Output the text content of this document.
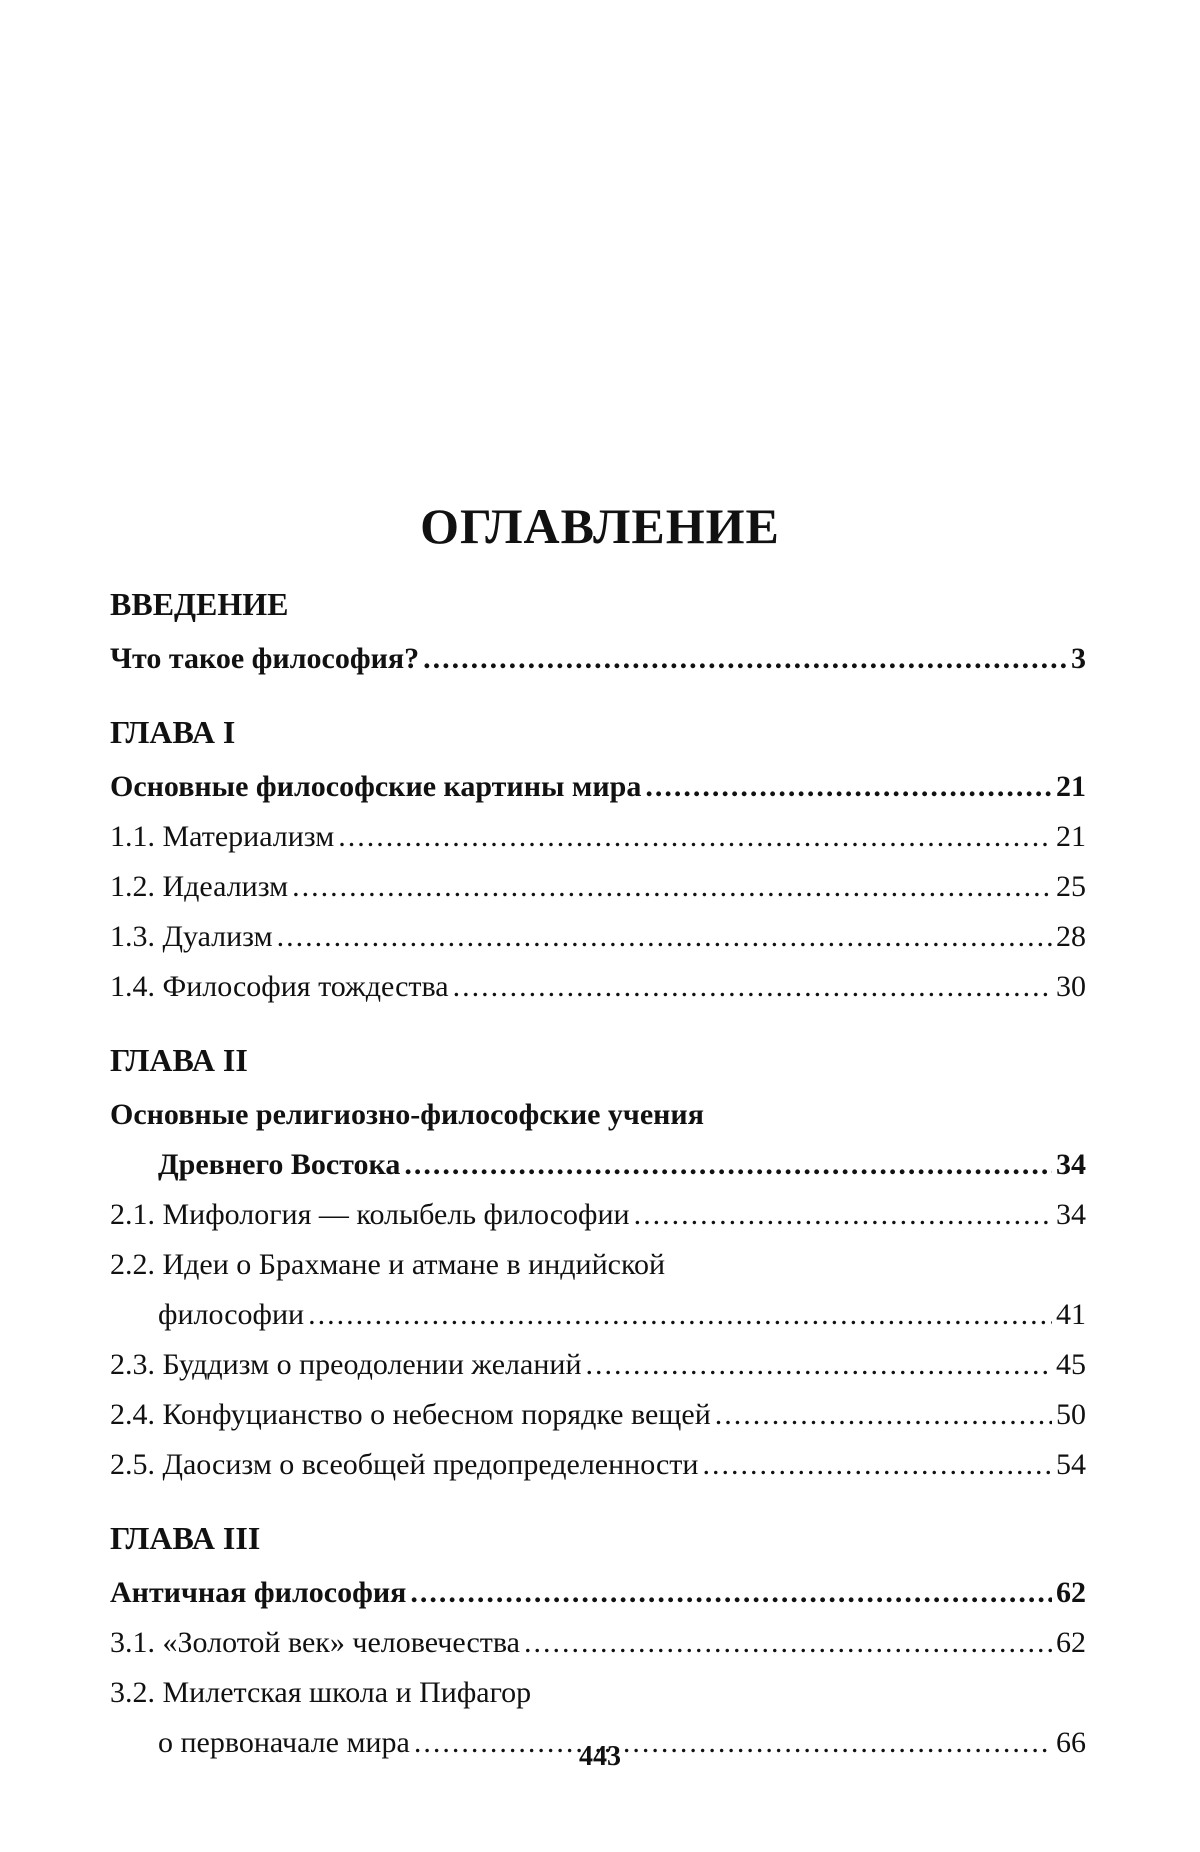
ОГЛАВЛЕНИЕ
ВВЕДЕНИЕ
Что такое философия? .....	3
ГЛАВА I
Основные философские картины мира .....	21
1.1. Материализм .....	21
1.2. Идеализм .....	25
1.3. Дуализм .....	28
1.4. Философия тождества .....	30
ГЛАВА II
Основные религиозно-философские учения
Древнего Востока .....	34
2.1. Мифология — колыбель философии .....	34
2.2. Идеи о Брахмане и атмане в индийской
философии .....	41
2.3. Буддизм о преодолении желаний .....	45
2.4. Конфуцианство о небесном порядке вещей .....	50
2.5. Даосизм о всеобщей предопределенности .....	54
ГЛАВА III
Античная философия .....	62
3.1. «Золотой век» человечества .....	62
3.2. Милетская школа и Пифагор
о первоначале мира .....	66
443
